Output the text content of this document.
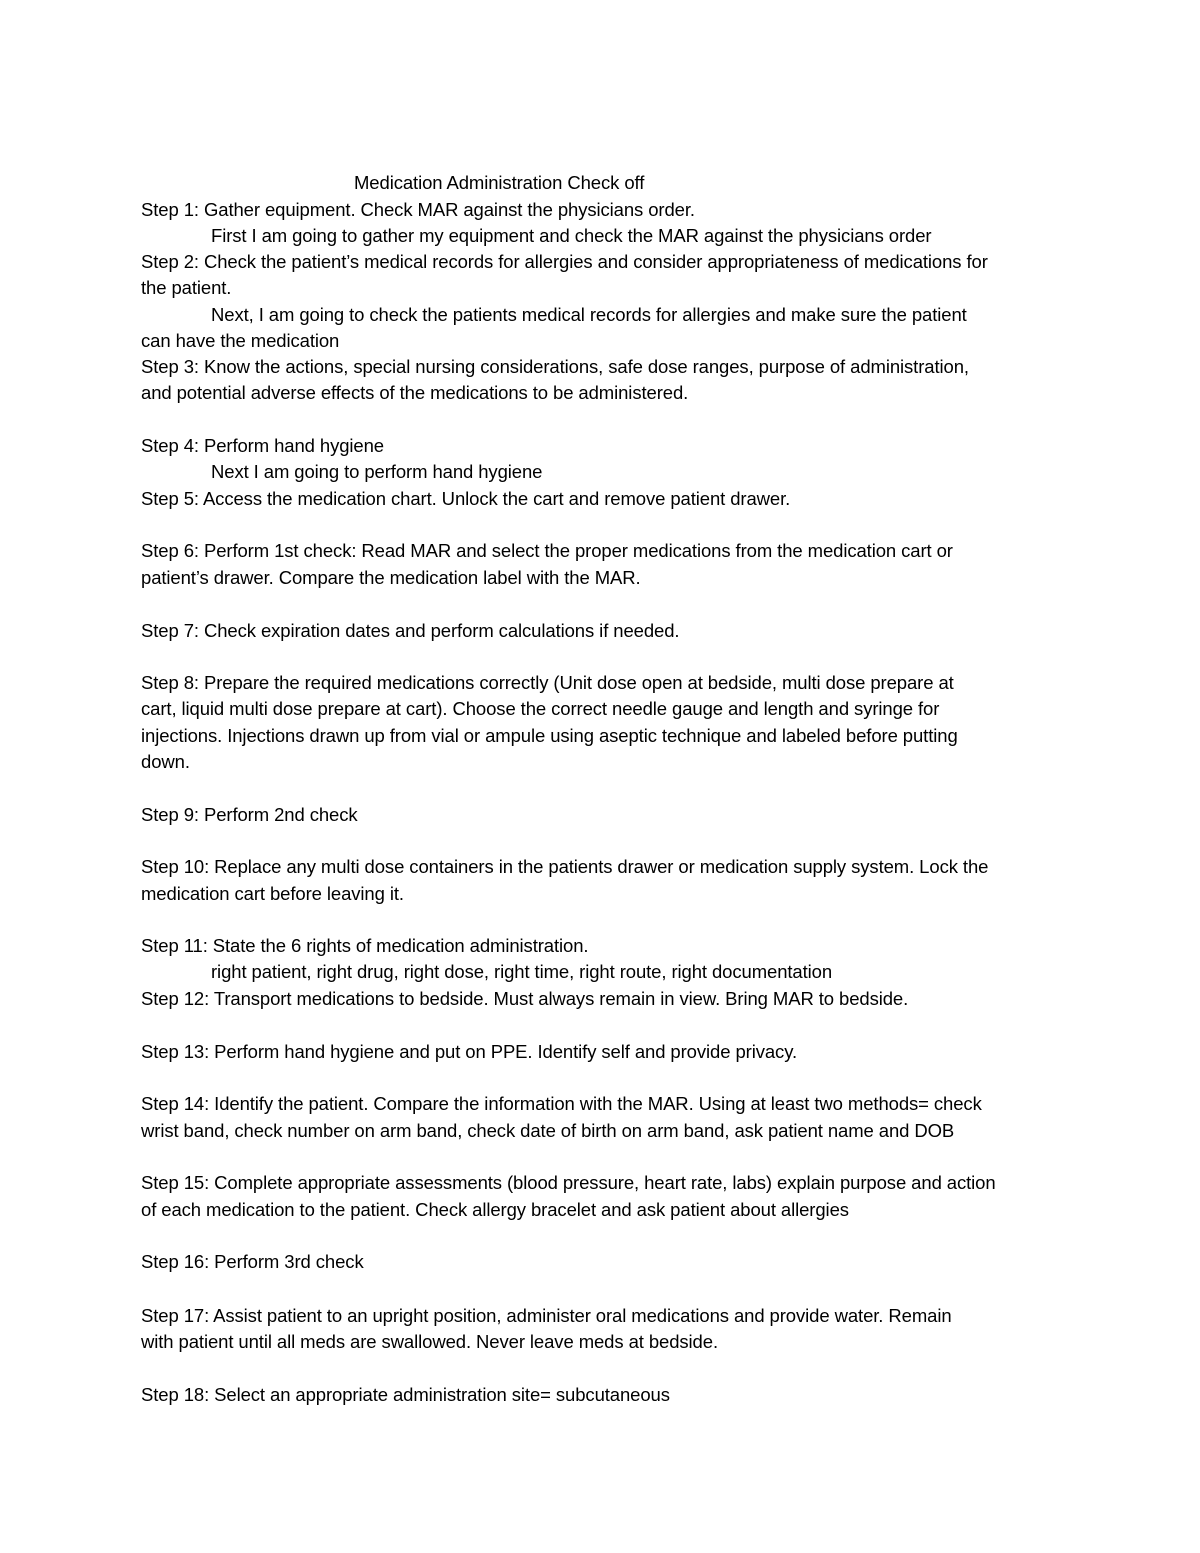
Medication Administration Check off
Step 1: Gather equipment. Check MAR against the physicians order.
First I am going to gather my equipment and check the MAR against the physicians order
Step 2: Check the patient’s medical records for allergies and consider appropriateness of medications for
the patient.
Next, I am going to check the patients medical records for allergies and make sure the patient
can have the medication
Step 3: Know the actions, special nursing considerations, safe dose ranges, purpose of administration,
and potential adverse effects of the medications to be administered.
Step 4: Perform hand hygiene
Next I am going to perform hand hygiene
Step 5: Access the medication chart. Unlock the cart and remove patient drawer.
Step 6: Perform 1st check: Read MAR and select the proper medications from the medication cart or
patient’s drawer. Compare the medication label with the MAR.
Step 7: Check expiration dates and perform calculations if needed.
Step 8: Prepare the required medications correctly (Unit dose open at bedside, multi dose prepare at
cart, liquid multi dose prepare at cart). Choose the correct needle gauge and length and syringe for
injections. Injections drawn up from vial or ampule using aseptic technique and labeled before putting
down.
Step 9: Perform 2nd check
Step 10: Replace any multi dose containers in the patients drawer or medication supply system. Lock the
medication cart before leaving it.
Step 11: State the 6 rights of medication administration.
right patient, right drug, right dose, right time, right route, right documentation
Step 12: Transport medications to bedside. Must always remain in view. Bring MAR to bedside.
Step 13: Perform hand hygiene and put on PPE. Identify self and provide privacy.
Step 14: Identify the patient. Compare the information with the MAR. Using at least two methods= check
wrist band, check number on arm band, check date of birth on arm band, ask patient name and DOB
Step 15: Complete appropriate assessments (blood pressure, heart rate, labs) explain purpose and action
of each medication to the patient. Check allergy bracelet and ask patient about allergies
Step 16: Perform 3rd check
Step 17: Assist patient to an upright position, administer oral medications and provide water. Remain
with patient until all meds are swallowed. Never leave meds at bedside.
Step 18: Select an appropriate administration site= subcutaneous
